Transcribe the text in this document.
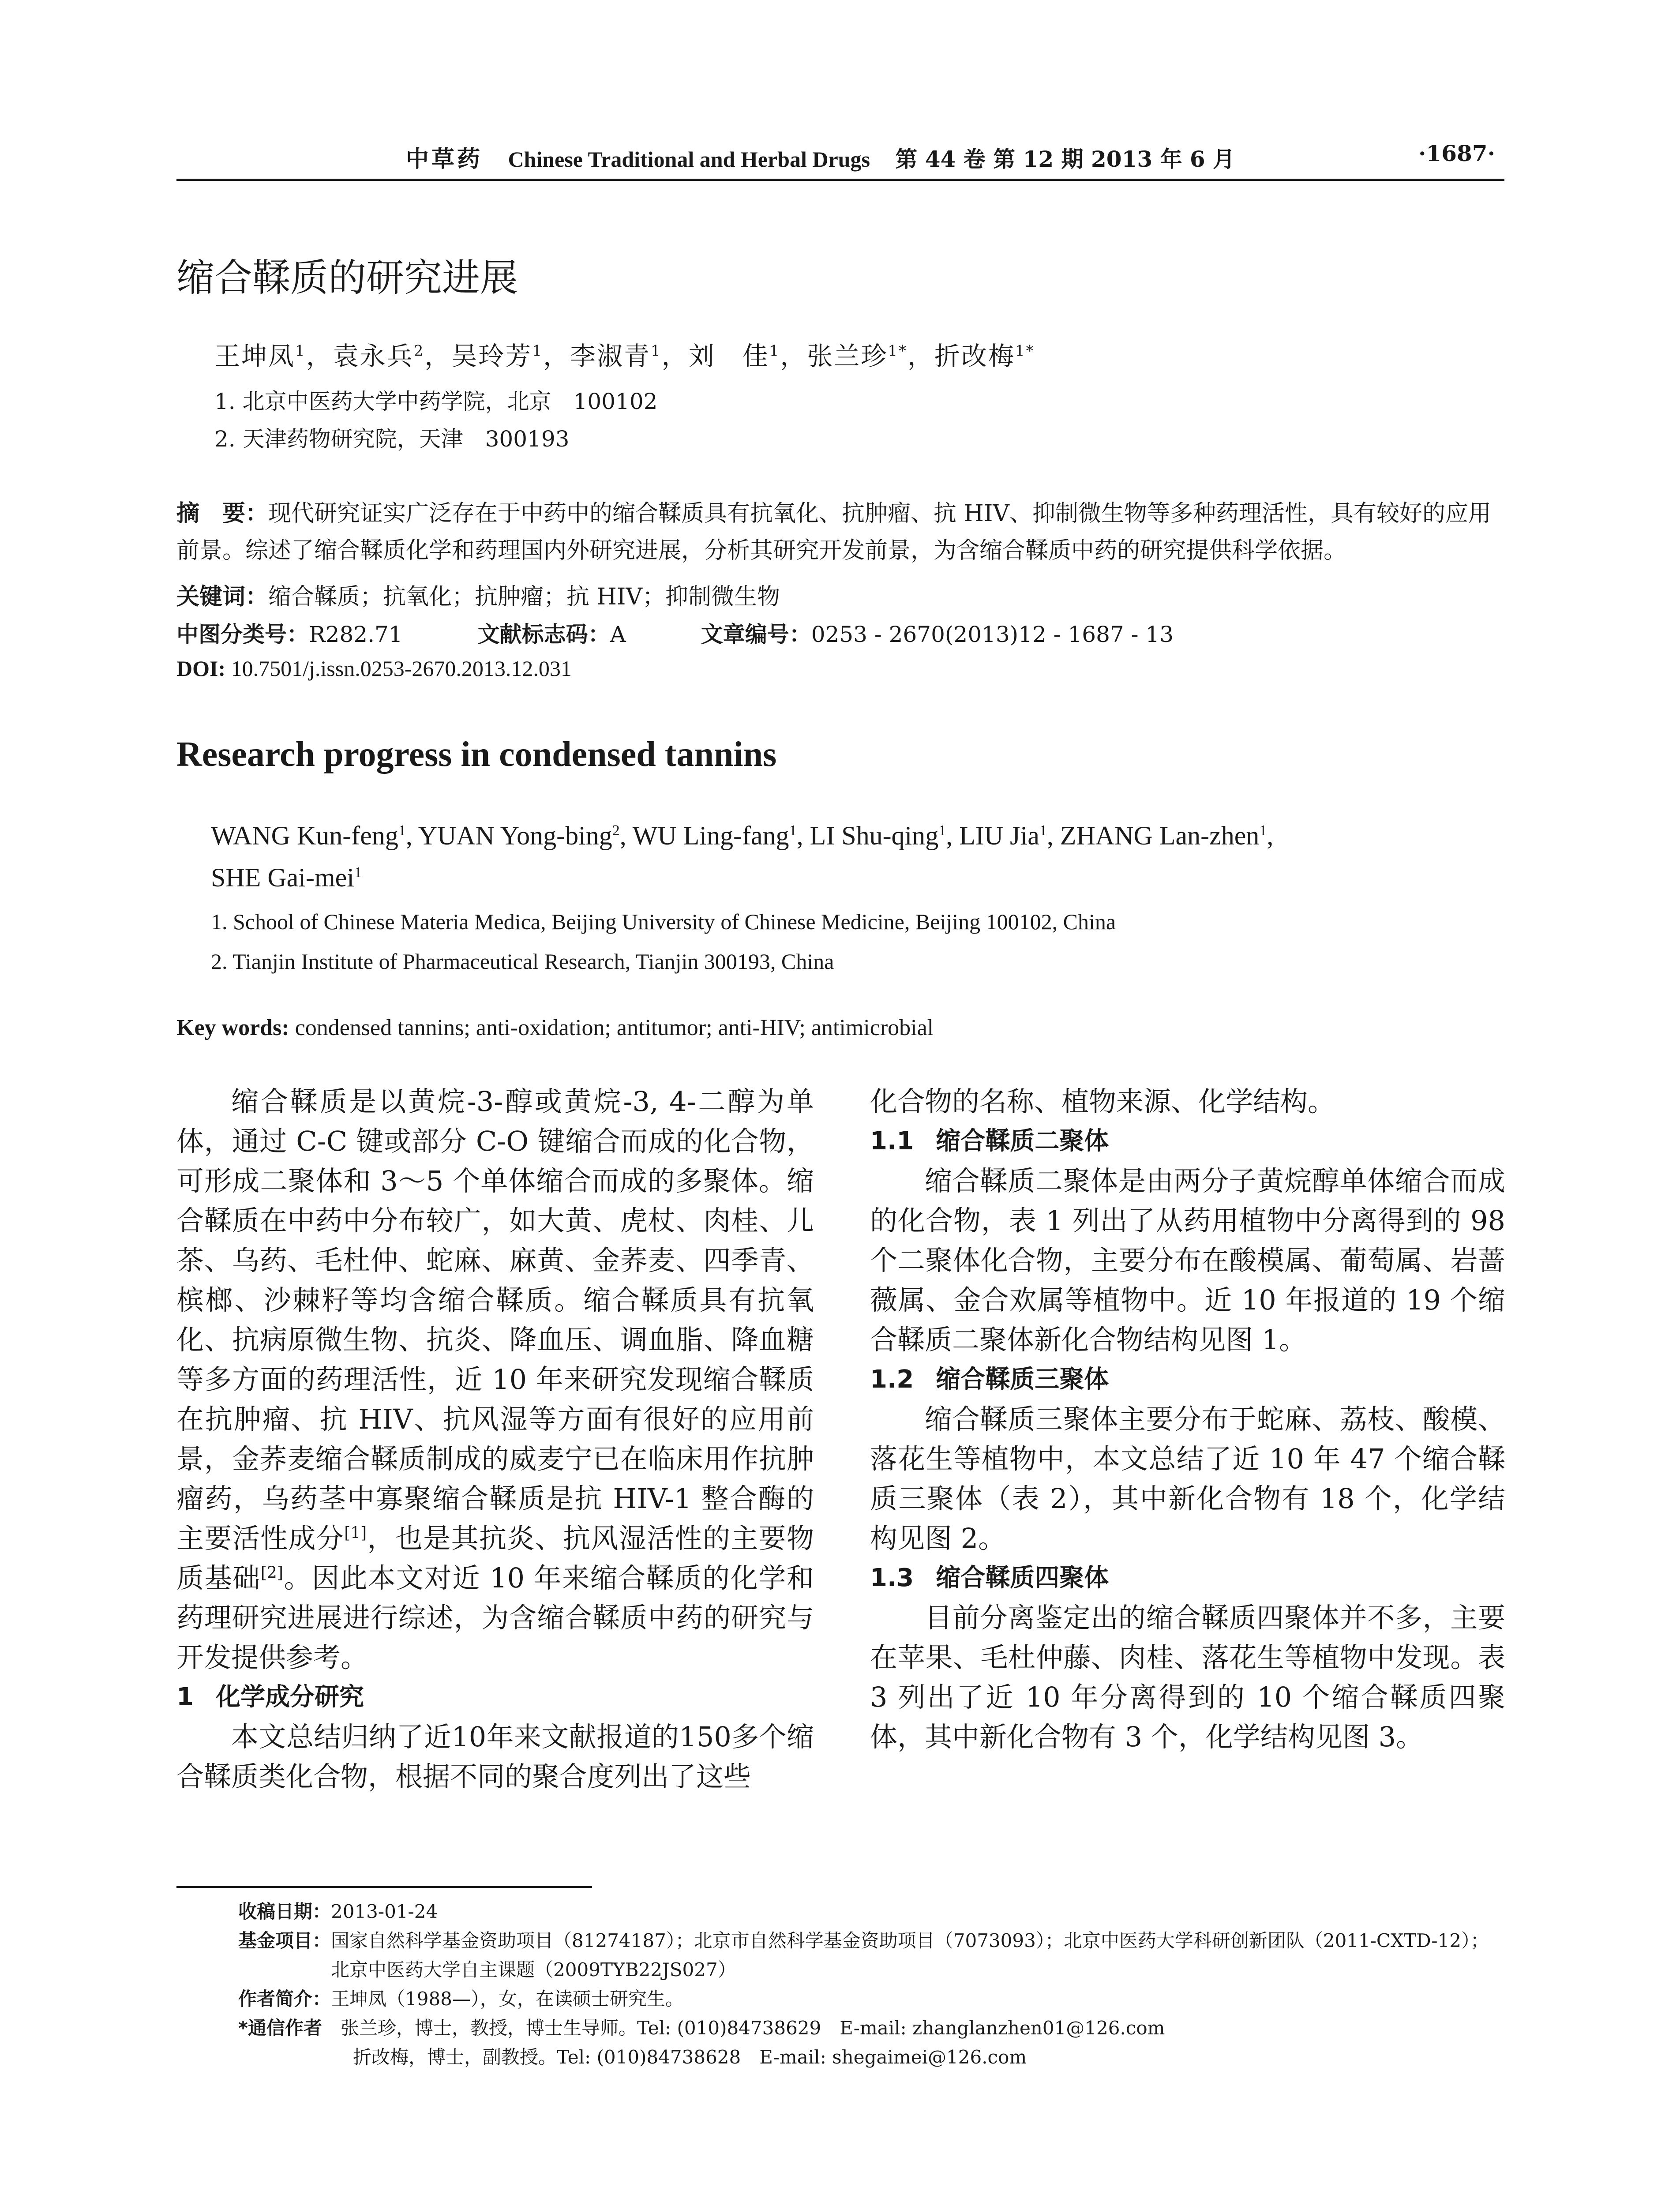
中草药 Chinese Traditional and Herbal Drugs 第 44 卷 第 12 期 2013 年 6 月	·1687·
缩合鞣质的研究进展
王坤凤$^1$，袁永兵$^2$，吴玲芳$^1$，李淑青$^1$，刘　佳$^1$，张兰珍$^{1*}$，折改梅$^{1*}$
1. 北京中医药大学中药学院，北京　100102
2. 天津药物研究院，天津　300193
摘　要：现代研究证实广泛存在于中药中的缩合鞣质具有抗氧化、抗肿瘤、抗 HIV、抑制微生物等多种药理活性，具有较好的应用前景。综述了缩合鞣质化学和药理国内外研究进展，分析其研究开发前景，为含缩合鞣质中药的研究提供科学依据。
关键词：缩合鞣质；抗氧化；抗肿瘤；抗 HIV；抑制微生物
中图分类号：R282.71	文献标志码：A	文章编号：0253 - 2670(2013)12 - 1687 - 13
DOI: 10.7501/j.issn.0253-2670.2013.12.031
Research progress in condensed tannins
WANG Kun-feng$^1$, YUAN Yong-bing$^2$, WU Ling-fang$^1$, LI Shu-qing$^1$, LIU Jia$^1$, ZHANG Lan-zhen$^1$,
SHE Gai-mei$^1$
1. School of Chinese Materia Medica, Beijing University of Chinese Medicine, Beijing 100102, China
2. Tianjin Institute of Pharmaceutical Research, Tianjin 300193, China
Key words: condensed tannins; anti-oxidation; antitumor; anti-HIV; antimicrobial

缩合鞣质是以黄烷-3-醇或黄烷-3, 4-二醇为单体，通过 C-C 键或部分 C-O 键缩合而成的化合物，可形成二聚体和 3～5 个单体缩合而成的多聚体。缩合鞣质在中药中分布较广，如大黄、虎杖、肉桂、儿茶、乌药、毛杜仲、蛇麻、麻黄、金荞麦、四季青、槟榔、沙棘籽等均含缩合鞣质。缩合鞣质具有抗氧化、抗病原微生物、抗炎、降血压、调血脂、降血糖等多方面的药理活性，近 10 年来研究发现缩合鞣质在抗肿瘤、抗 HIV、抗风湿等方面有很好的应用前景，金荞麦缩合鞣质制成的威麦宁已在临床用作抗肿瘤药，乌药茎中寡聚缩合鞣质是抗 HIV-1 整合酶的主要活性成分[1]，也是其抗炎、抗风湿活性的主要物质基础[2]。因此本文对近 10 年来缩合鞣质的化学和药理研究进展进行综述，为含缩合鞣质中药的研究与开发提供参考。

1 化学成分研究

本文总结归纳了近10年来文献报道的150多个缩合鞣质类化合物，根据不同的聚合度列出了这些

化合物的名称、植物来源、化学结构。

1.1 缩合鞣质二聚体

缩合鞣质二聚体是由两分子黄烷醇单体缩合而成的化合物，表 1 列出了从药用植物中分离得到的 98 个二聚体化合物，主要分布在酸模属、葡萄属、岩蔷薇属、金合欢属等植物中。近 10 年报道的 19 个缩合鞣质二聚体新化合物结构见图 1。

1.2 缩合鞣质三聚体

缩合鞣质三聚体主要分布于蛇麻、荔枝、酸模、落花生等植物中，本文总结了近 10 年 47 个缩合鞣质三聚体（表 2），其中新化合物有 18 个，化学结构见图 2。

1.3 缩合鞣质四聚体

目前分离鉴定出的缩合鞣质四聚体并不多，主要在苹果、毛杜仲藤、肉桂、落花生等植物中发现。表 3 列出了近 10 年分离得到的 10 个缩合鞣质四聚体，其中新化合物有 3 个，化学结构见图 3。

收稿日期：2013-01-24
基金项目：国家自然科学基金资助项目（81274187）；北京市自然科学基金资助项目（7073093）；北京中医药大学科研创新团队（2011-CXTD-12）；
北京中医药大学自主课题（2009TYB22JS027）
作者简介：王坤凤（1988—），女，在读硕士研究生。
*通信作者　 张兰珍，博士，教授，博士生导师。Tel: (010)84738629　E-mail: zhanglanzhen01@126.com
折改梅，博士，副教授。Tel: (010)84738628　E-mail: shegaimei@126.com
